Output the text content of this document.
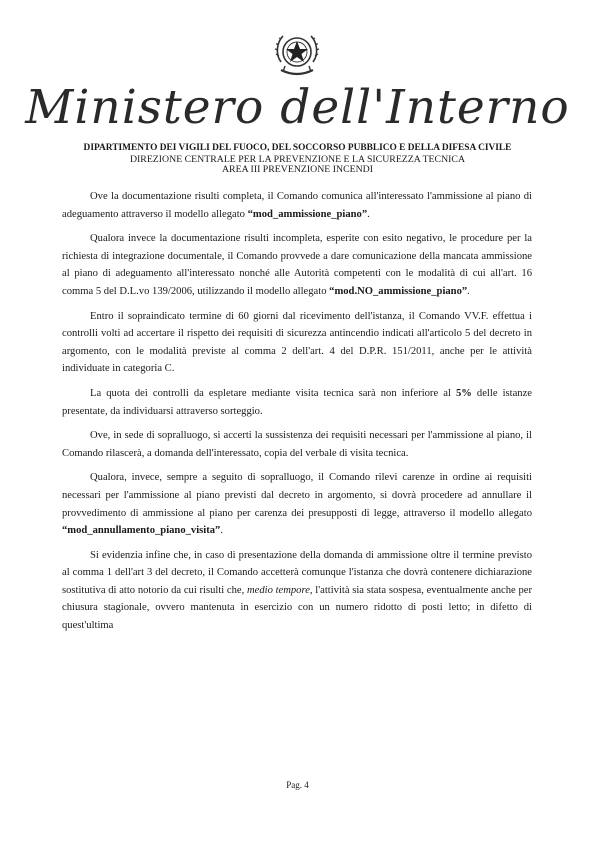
Ministero dell'Interno
DIPARTIMENTO DEI VIGILI DEL FUOCO, DEL SOCCORSO PUBBLICO E DELLA DIFESA CIVILE
DIREZIONE CENTRALE PER LA PREVENZIONE E LA SICUREZZA TECNICA
AREA III PREVENZIONE INCENDI

Ove la documentazione risulti completa, il Comando comunica all'interessato l'ammissione al piano di adeguamento attraverso il modello allegato “mod_ammissione_piano”.

Qualora invece la documentazione risulti incompleta, esperite con esito negativo, le procedure per la richiesta di integrazione documentale, il Comando provvede a dare comunicazione della mancata ammissione al piano di adeguamento all'interessato nonché alle Autorità competenti con le modalità di cui all'art. 16 comma 5 del D.L.vo 139/2006, utilizzando il modello allegato “mod.NO_ammissione_piano”.

Entro il sopraindicato termine di 60 giorni dal ricevimento dell'istanza, il Comando VV.F. effettua i controlli volti ad accertare il rispetto dei requisiti di sicurezza antincendio indicati all'articolo 5 del decreto in argomento, con le modalità previste al comma 2 dell'art. 4 del D.P.R. 151/2011, anche per le attività individuate in categoria C.

La quota dei controlli da espletare mediante visita tecnica sarà non inferiore al 5% delle istanze presentate, da individuarsi attraverso sorteggio.

Ove, in sede di sopralluogo, si accerti la sussistenza dei requisiti necessari per l'ammissione al piano, il Comando rilascerà, a domanda dell'interessato, copia del verbale di visita tecnica.

Qualora, invece, sempre a seguito di sopralluogo, il Comando rilevi carenze in ordine ai requisiti necessari per l'ammissione al piano previsti dal decreto in argomento, si dovrà procedere ad annullare il provvedimento di ammissione al piano per carenza dei presupposti di legge, attraverso il modello allegato “mod_annullamento_piano_visita”.

Si evidenzia infine che, in caso di presentazione della domanda di ammissione oltre il termine previsto al comma 1 dell'art 3 del decreto, il Comando accetterà comunque l'istanza che dovrà contenere dichiarazione sostitutiva di atto notorio da cui risulti che, medio tempore, l'attività sia stata sospesa, eventualmente anche per chiusura stagionale, ovvero mantenuta in esercizio con un numero ridotto di posti letto; in difetto di quest'ultima

Pag. 4
